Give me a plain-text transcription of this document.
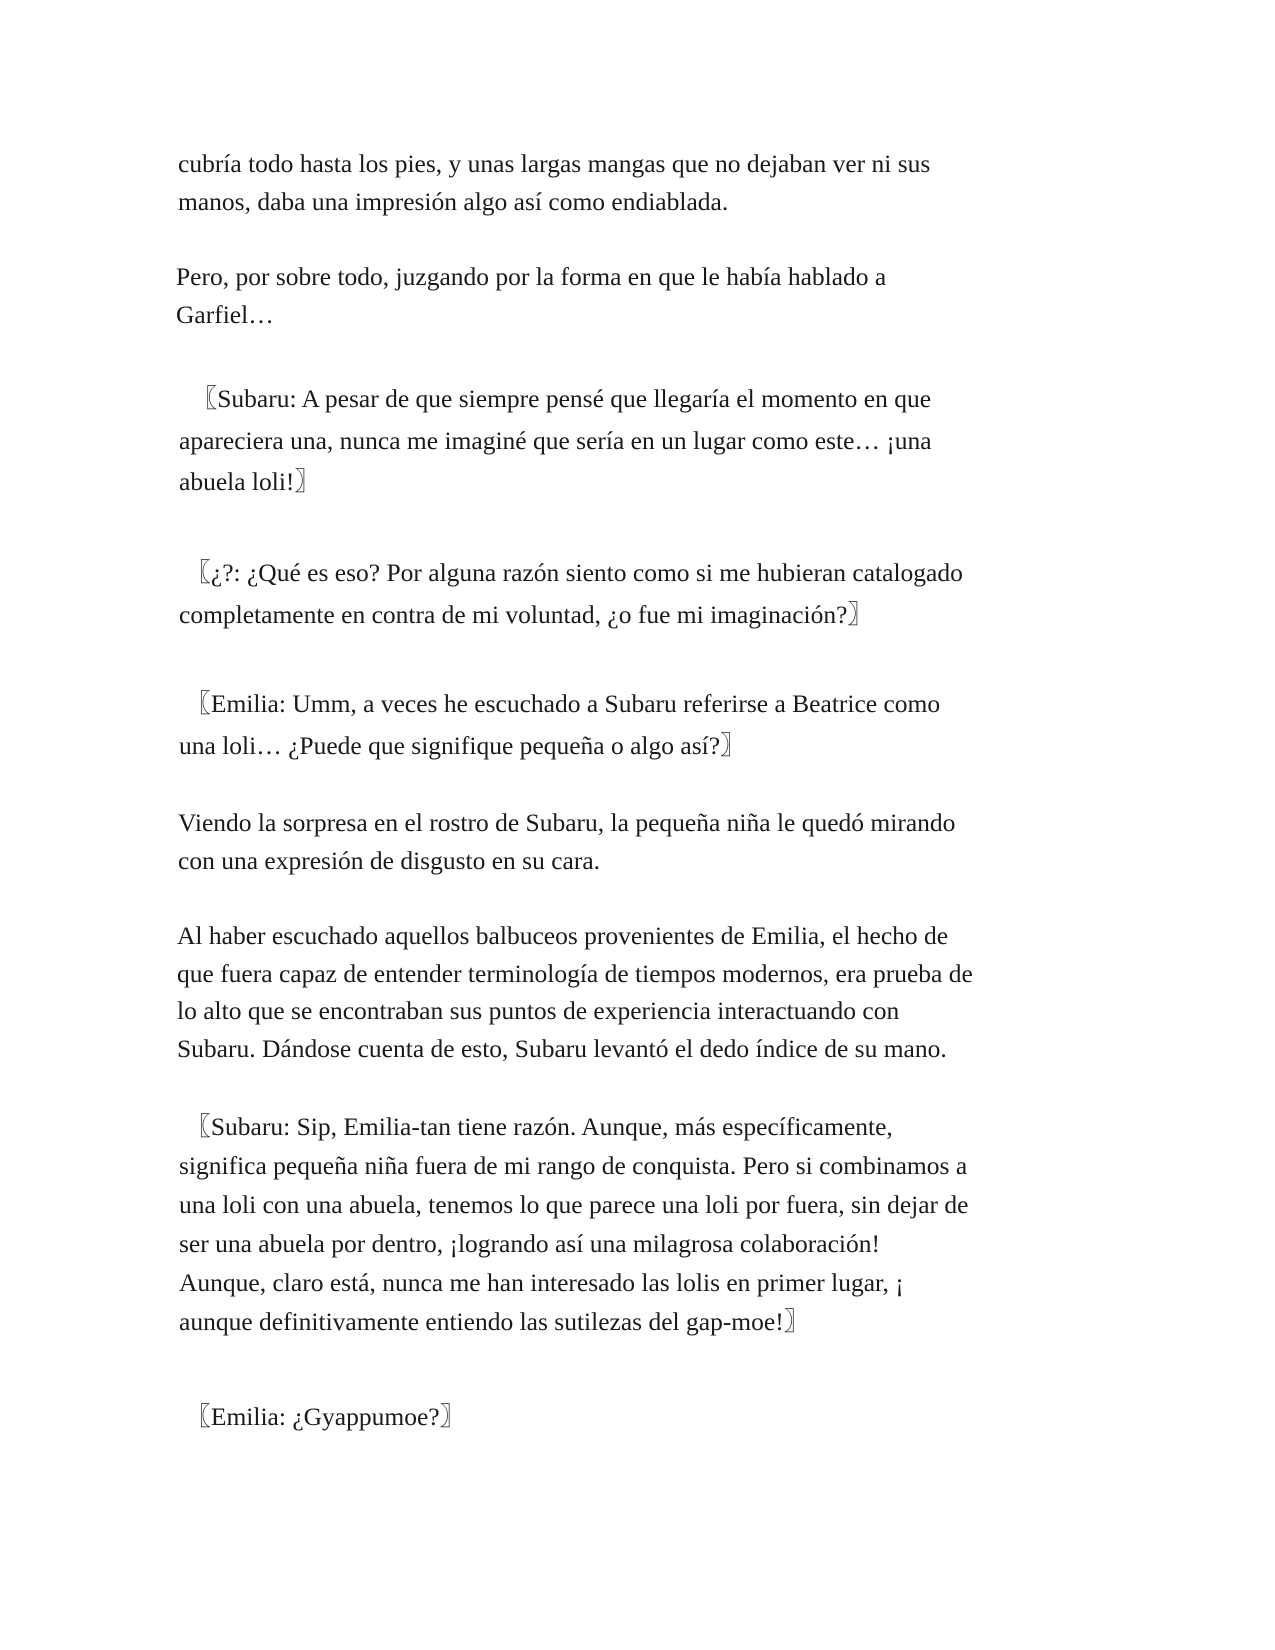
cubría todo hasta los pies, y unas largas mangas que no dejaban ver ni sus
manos, daba una impresión algo así como endiablada.

Pero, por sobre todo, juzgando por la forma en que le había hablado a
Garfiel…

〖Subaru: A pesar de que siempre pensé que llegaría el momento en que
apareciera una, nunca me imaginé que sería en un lugar como este… ¡una
abuela loli!〗

〖¿?: ¿Qué es eso? Por alguna razón siento como si me hubieran catalogado
completamente en contra de mi voluntad, ¿o fue mi imaginación?〗

〖Emilia: Umm, a veces he escuchado a Subaru referirse a Beatrice como
una loli… ¿Puede que signifique pequeña o algo así?〗

Viendo la sorpresa en el rostro de Subaru, la pequeña niña le quedó mirando
con una expresión de disgusto en su cara.

Al haber escuchado aquellos balbuceos provenientes de Emilia, el hecho de
que fuera capaz de entender terminología de tiempos modernos, era prueba de
lo alto que se encontraban sus puntos de experiencia interactuando con
Subaru. Dándose cuenta de esto, Subaru levantó el dedo índice de su mano.

〖Subaru: Sip, Emilia-tan tiene razón. Aunque, más específicamente,
significa pequeña niña fuera de mi rango de conquista. Pero si combinamos a
una loli con una abuela, tenemos lo que parece una loli por fuera, sin dejar de
ser una abuela por dentro, ¡logrando así una milagrosa colaboración!
Aunque, claro está, nunca me han interesado las lolis en primer lugar, ¡
aunque definitivamente entiendo las sutilezas del gap-moe!〗

〖Emilia: ¿Gyappumoe?〗
